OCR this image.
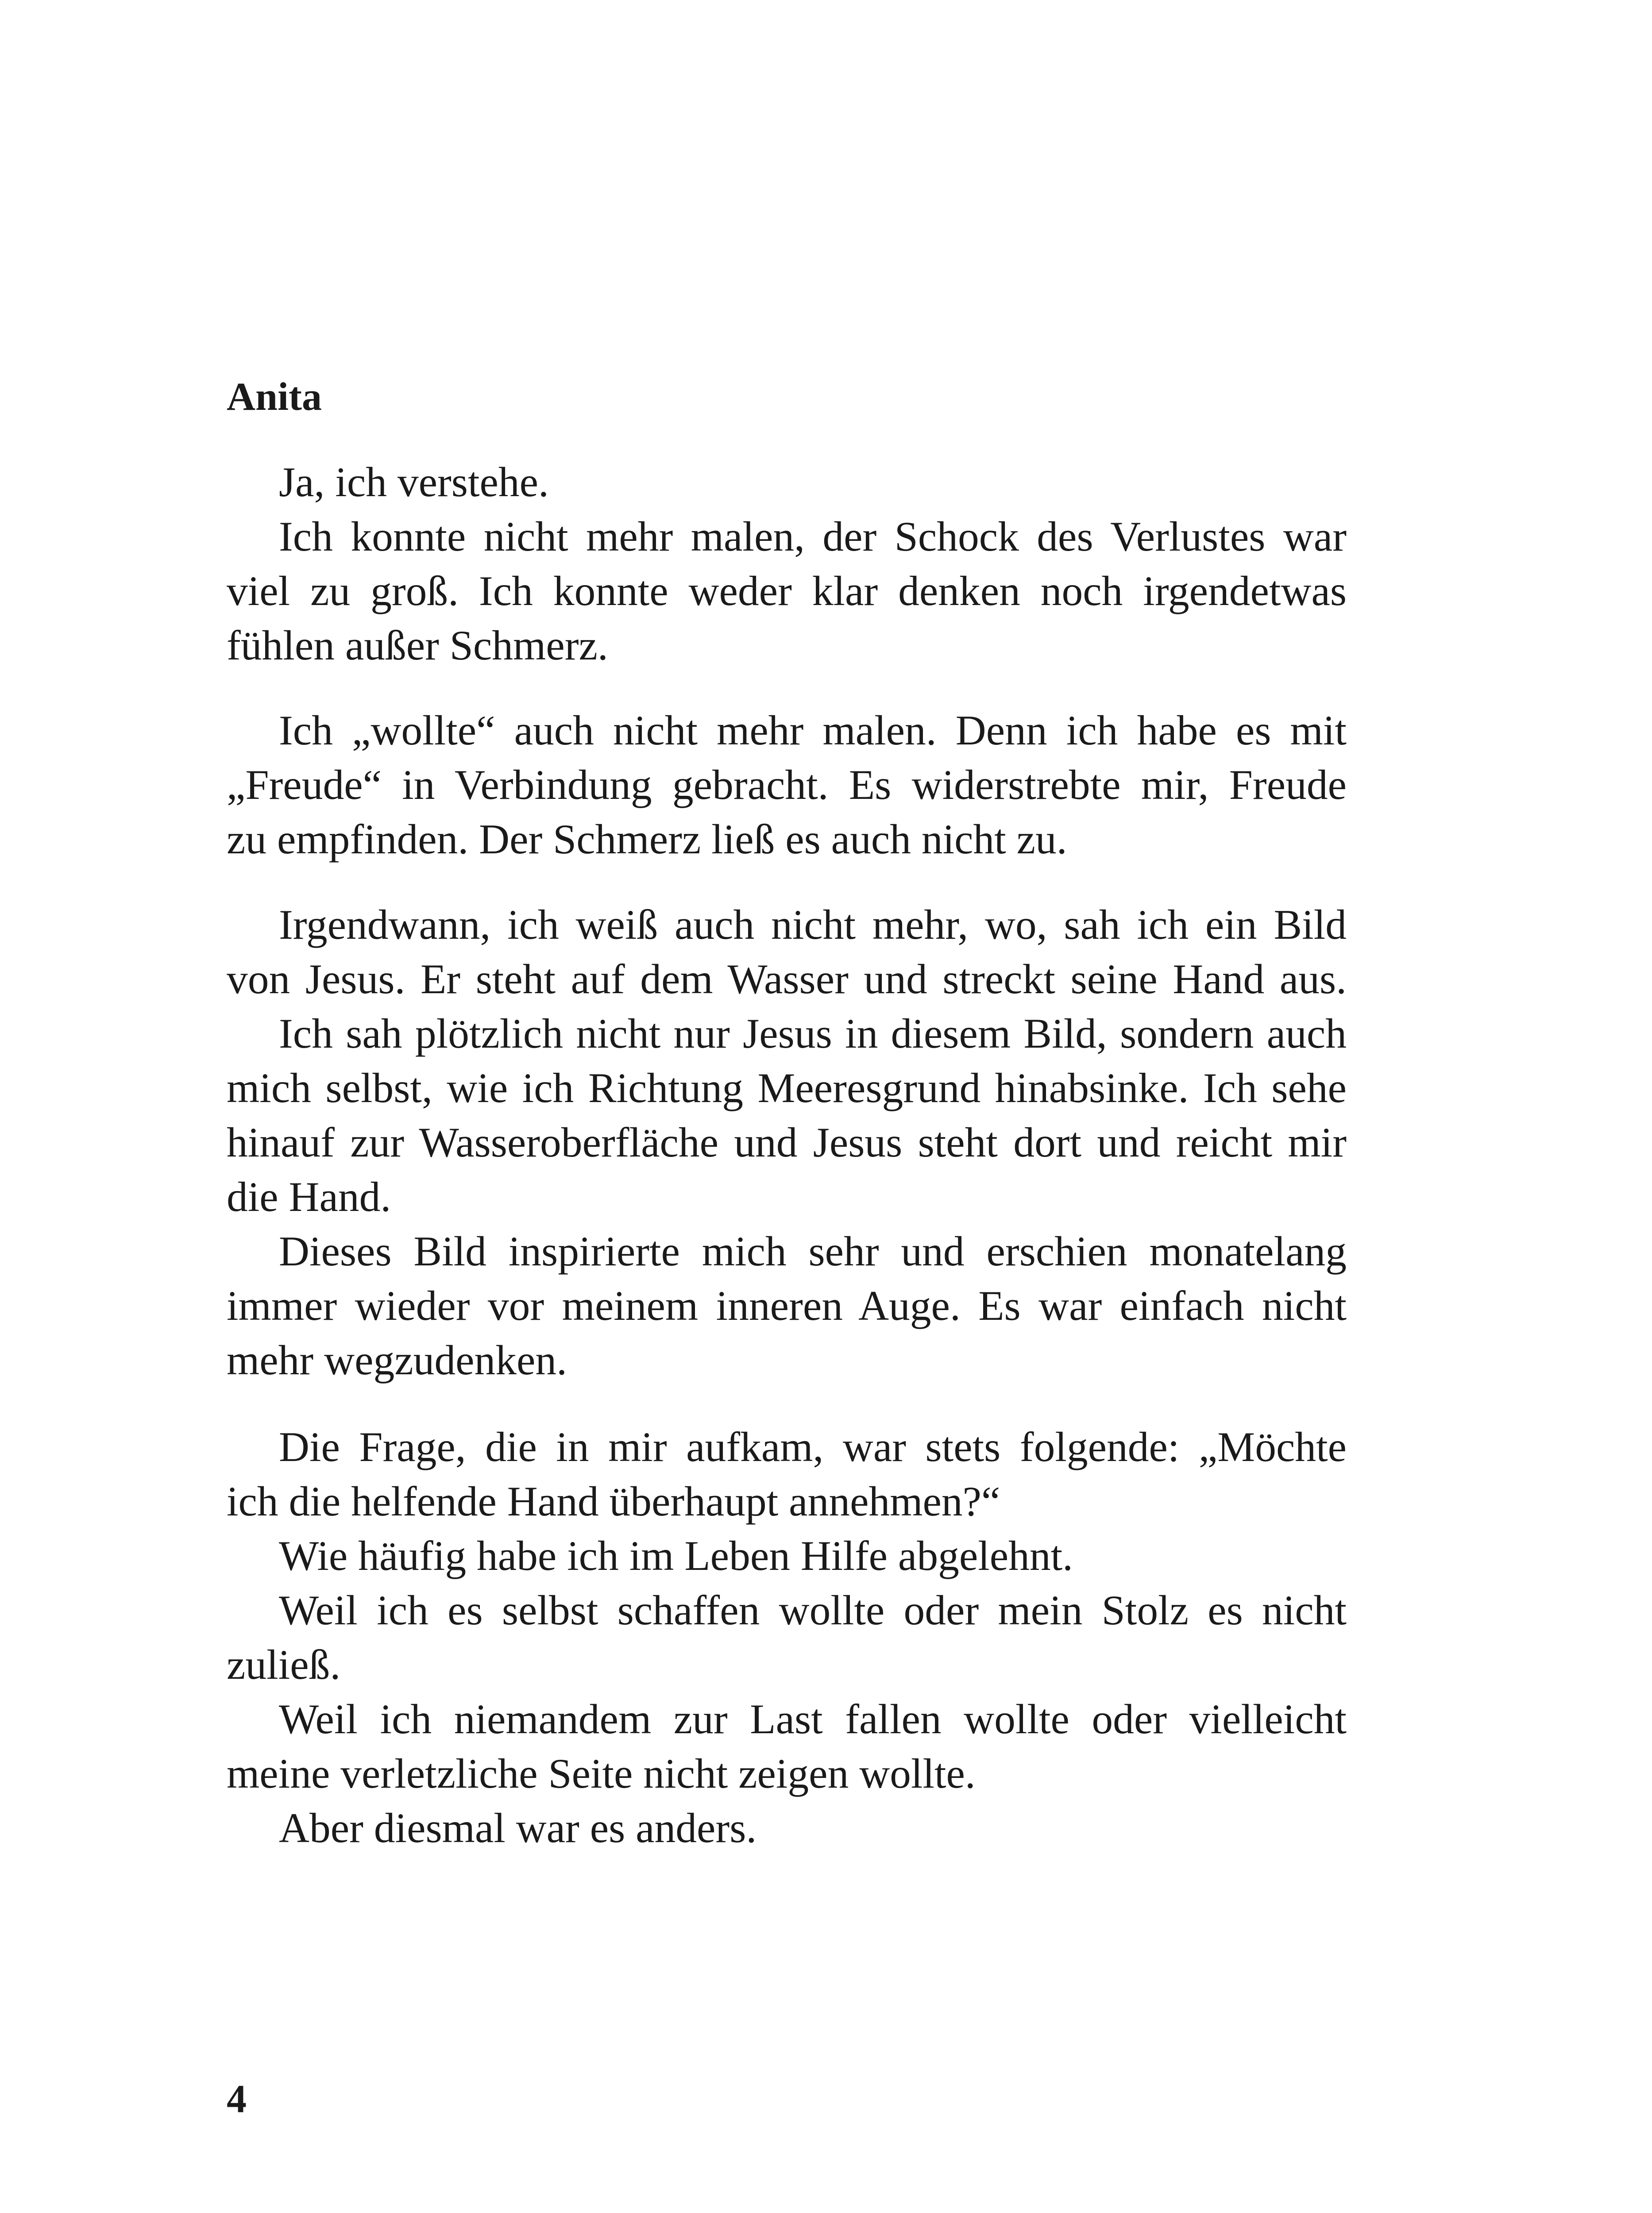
Anita
Ja, ich verstehe.
Ich konnte nicht mehr malen, der Schock des Verlustes war
viel zu groß. Ich konnte weder klar denken noch irgendetwas
fühlen außer Schmerz.
Ich „wollte“ auch nicht mehr malen. Denn ich habe es mit
„Freude“ in Verbindung gebracht. Es widerstrebte mir, Freude
zu empfinden. Der Schmerz ließ es auch nicht zu.
Irgendwann, ich weiß auch nicht mehr, wo, sah ich ein Bild
von Jesus. Er steht auf dem Wasser und streckt seine Hand aus.
Ich sah plötzlich nicht nur Jesus in diesem Bild, sondern auch
mich selbst, wie ich Richtung Meeresgrund hinabsinke. Ich sehe
hinauf zur Wasseroberfläche und Jesus steht dort und reicht mir
die Hand.
Dieses Bild inspirierte mich sehr und erschien monatelang
immer wieder vor meinem inneren Auge. Es war einfach nicht
mehr wegzudenken.
Die Frage, die in mir aufkam, war stets folgende: „Möchte
ich die helfende Hand überhaupt annehmen?“
Wie häufig habe ich im Leben Hilfe abgelehnt.
Weil ich es selbst schaffen wollte oder mein Stolz es nicht
zuließ.
Weil ich niemandem zur Last fallen wollte oder vielleicht
meine verletzliche Seite nicht zeigen wollte.
Aber diesmal war es anders.
4
